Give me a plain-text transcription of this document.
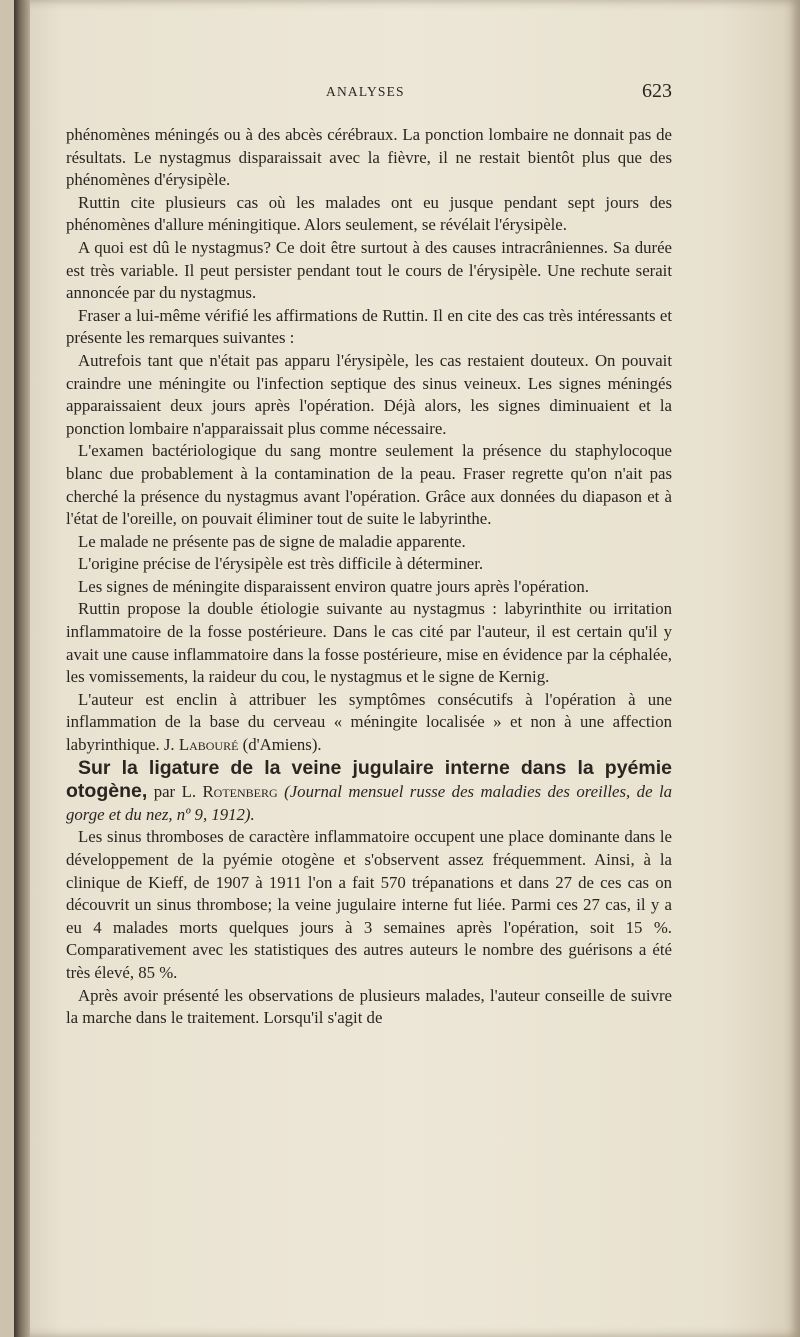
ANALYSES	623

phénomènes méningés ou à des abcès cérébraux. La ponction lombaire ne donnait pas de résultats. Le nystagmus disparaissait avec la fièvre, il ne restait bientôt plus que des phénomènes d'érysipèle.

Ruttin cite plusieurs cas où les malades ont eu jusque pendant sept jours des phénomènes d'allure méningitique. Alors seulement, se révélait l'érysipèle.

A quoi est dû le nystagmus? Ce doit être surtout à des causes intracrâniennes. Sa durée est très variable. Il peut persister pendant tout le cours de l'érysipèle. Une rechute serait annoncée par du nystagmus.

Fraser a lui-même vérifié les affirmations de Ruttin. Il en cite des cas très intéressants et présente les remarques suivantes :

Autrefois tant que n'était pas apparu l'érysipèle, les cas restaient douteux. On pouvait craindre une méningite ou l'infection septique des sinus veineux. Les signes méningés apparaissaient deux jours après l'opération. Déjà alors, les signes diminuaient et la ponction lombaire n'apparaissait plus comme nécessaire.

L'examen bactériologique du sang montre seulement la présence du staphylocoque blanc due probablement à la contamination de la peau. Fraser regrette qu'on n'ait pas cherché la présence du nystagmus avant l'opération. Grâce aux données du diapason et à l'état de l'oreille, on pouvait éliminer tout de suite le labyrinthe.

Le malade ne présente pas de signe de maladie apparente.

L'origine précise de l'érysipèle est très difficile à déterminer.

Les signes de méningite disparaissent environ quatre jours après l'opération.

Ruttin propose la double étiologie suivante au nystagmus : labyrinthite ou irritation inflammatoire de la fosse postérieure. Dans le cas cité par l'auteur, il est certain qu'il y avait une cause inflammatoire dans la fosse postérieure, mise en évidence par la céphalée, les vomissements, la raideur du cou, le nystagmus et le signe de Kernig.

L'auteur est enclin à attribuer les symptômes consécutifs à l'opération à une inflammation de la base du cerveau « méningite localisée » et non à une affection labyrinthique. J. Labouré (d'Amiens).

Sur la ligature de la veine jugulaire interne dans la pyémie otogène, par L. Rotenberg (Journal mensuel russe des maladies des oreilles, de la gorge et du nez, nº 9, 1912).

Les sinus thromboses de caractère inflammatoire occupent une place dominante dans le développement de la pyémie otogène et s'observent assez fréquemment. Ainsi, à la clinique de Kieff, de 1907 à 1911 l'on a fait 570 trépanations et dans 27 de ces cas on découvrit un sinus thrombose; la veine jugulaire interne fut liée. Parmi ces 27 cas, il y a eu 4 malades morts quelques jours à 3 semaines après l'opération, soit 15 %. Comparativement avec les statistiques des autres auteurs le nombre des guérisons a été très élevé, 85 %.

Après avoir présenté les observations de plusieurs malades, l'auteur conseille de suivre la marche dans le traitement. Lorsqu'il s'agit de
